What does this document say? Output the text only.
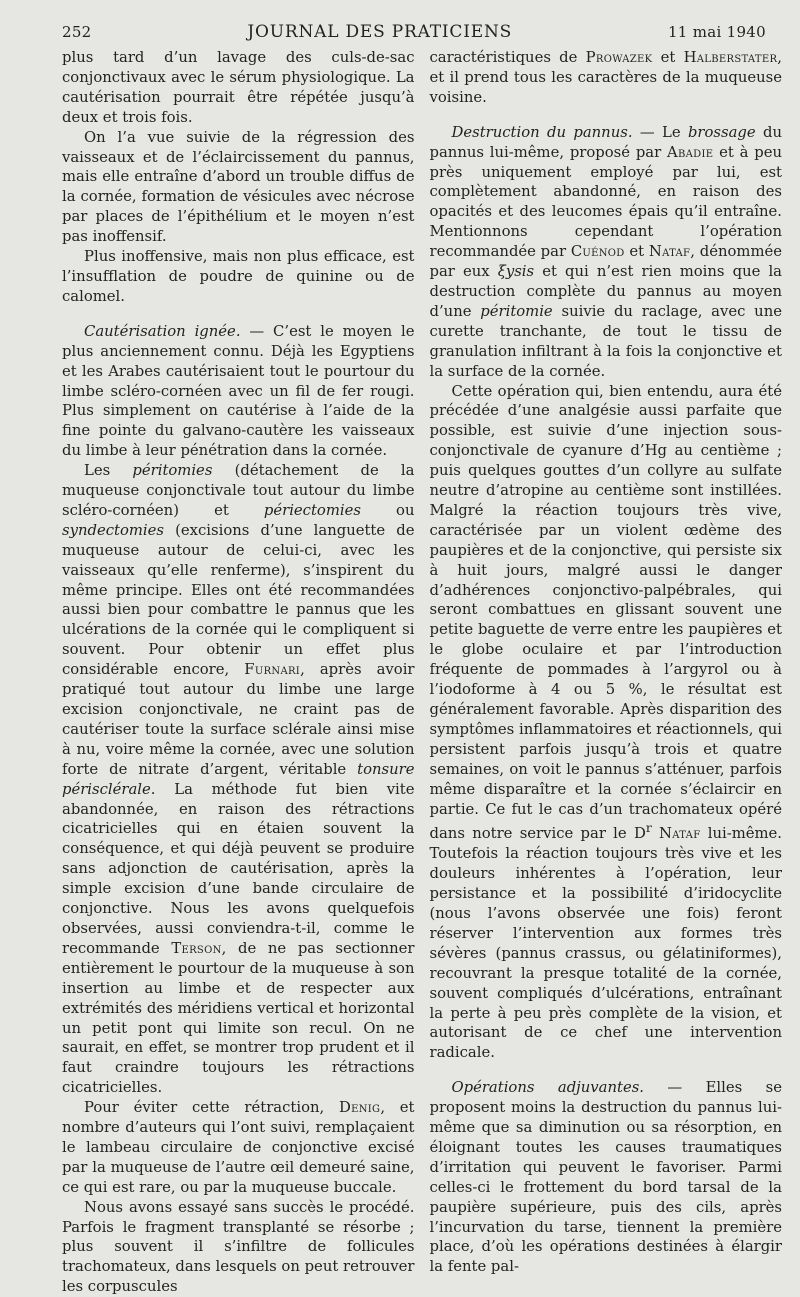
252	JOURNAL DES PRATICIENS	11 mai 1940

plus tard d’un lavage des culs-de-sac conjonctivaux avec le sérum physiologique. La cautérisation pourrait être répétée jusqu’à deux et trois fois.

On l’a vue suivie de la régression des vaisseaux et de l’éclaircissement du pannus, mais elle entraîne d’abord un trouble diffus de la cornée, formation de vésicules avec nécrose par places de l’épithélium et le moyen n’est pas inoffensif.

Plus inoffensive, mais non plus efficace, est l’insufflation de poudre de quinine ou de calomel.

Cautérisation ignée. — C’est le moyen le plus anciennement connu. Déjà les Egyptiens et les Arabes cautérisaient tout le pourtour du limbe scléro-cornéen avec un fil de fer rougi. Plus simplement on cautérise à l’aide de la fine pointe du galvano-cautère les vaisseaux du limbe à leur pénétration dans la cornée.

Les péritomies (détachement de la muqueuse conjonctivale tout autour du limbe scléro-cornéen) et périectomies ou syndectomies (excisions d’une languette de muqueuse autour de celui-ci, avec les vaisseaux qu’elle renferme), s’inspirent du même principe. Elles ont été recommandées aussi bien pour combattre le pannus que les ulcérations de la cornée qui le compliquent si souvent. Pour obtenir un effet plus considérable encore, Furnari, après avoir pratiqué tout autour du limbe une large excision conjonctivale, ne craint pas de cautériser toute la surface sclérale ainsi mise à nu, voire même la cornée, avec une solution forte de nitrate d’argent, véritable tonsure périsclérale. La méthode fut bien vite abandonnée, en raison des rétractions cicatricielles qui en étaien souvent la conséquence, et qui déjà peuvent se produire sans adjonction de cautérisation, après la simple excision d’une bande circulaire de conjonctive. Nous les avons quelquefois observées, aussi conviendra-t-il, comme le recommande Terson, de ne pas sectionner entièrement le pourtour de la muqueuse à son insertion au limbe et de respecter aux extrémités des méridiens vertical et horizontal un petit pont qui limite son recul. On ne saurait, en effet, se montrer trop prudent et il faut craindre toujours les rétractions cicatricielles.

Pour éviter cette rétraction, Denig, et nombre d’auteurs qui l’ont suivi, remplaçaient le lambeau circulaire de conjonctive excisé par la muqueuse de l’autre œil demeuré saine, ce qui est rare, ou par la muqueuse buccale.

Nous avons essayé sans succès le procédé. Parfois le fragment transplanté se résorbe ; plus souvent il s’infiltre de follicules trachomateux, dans lesquels on peut retrouver les corpuscules

caractéristiques de Prowazek et Halberstater, et il prend tous les caractères de la muqueuse voisine.

Destruction du pannus. — Le brossage du pannus lui-même, proposé par Abadie et à peu près uniquement employé par lui, est complètement abandonné, en raison des opacités et des leucomes épais qu’il entraîne. Mentionnons cependant l’opération recommandée par Cuénod et Nataf, dénommée par eux ξysis et qui n’est rien moins que la destruction complète du pannus au moyen d’une péritomie suivie du raclage, avec une curette tranchante, de tout le tissu de granulation infiltrant à la fois la conjonctive et la surface de la cornée.

Cette opération qui, bien entendu, aura été précédée d’une analgésie aussi parfaite que possible, est suivie d’une injection sous-conjonctivale de cyanure d’Hg au centième ; puis quelques gouttes d’un collyre au sulfate neutre d’atropine au centième sont instillées. Malgré la réaction toujours très vive, caractérisée par un violent œdème des paupières et de la conjonctive, qui persiste six à huit jours, malgré aussi le danger d’adhérences conjonctivo-palpébrales, qui seront combattues en glissant souvent une petite baguette de verre entre les paupières et le globe oculaire et par l’introduction fréquente de pommades à l’argyrol ou à l’iodoforme à 4 ou 5 %, le résultat est généralement favorable. Après disparition des symptômes inflammatoires et réactionnels, qui persistent parfois jusqu’à trois et quatre semaines, on voit le pannus s’atténuer, parfois même disparaître et la cornée s’éclaircir en partie. Ce fut le cas d’un trachomateux opéré dans notre service par le $D^r$ Nataf lui-même. Toutefois la réaction toujours très vive et les douleurs inhérentes à l’opération, leur persistance et la possibilité d’iridocyclite (nous l’avons observée une fois) feront réserver l’intervention aux formes très sévères (pannus crassus, ou gélatiniformes), recouvrant la presque totalité de la cornée, souvent compliqués d’ulcérations, entraînant la perte à peu près complète de la vision, et autorisant de ce chef une intervention radicale.

Opérations adjuvantes. — Elles se proposent moins la destruction du pannus lui-même que sa diminution ou sa résorption, en éloignant toutes les causes traumatiques d’irritation qui peuvent le favoriser. Parmi celles-ci le frottement du bord tarsal de la paupière supérieure, puis des cils, après l’incurvation du tarse, tiennent la première place, d’où les opérations destinées à élargir la fente pal-
